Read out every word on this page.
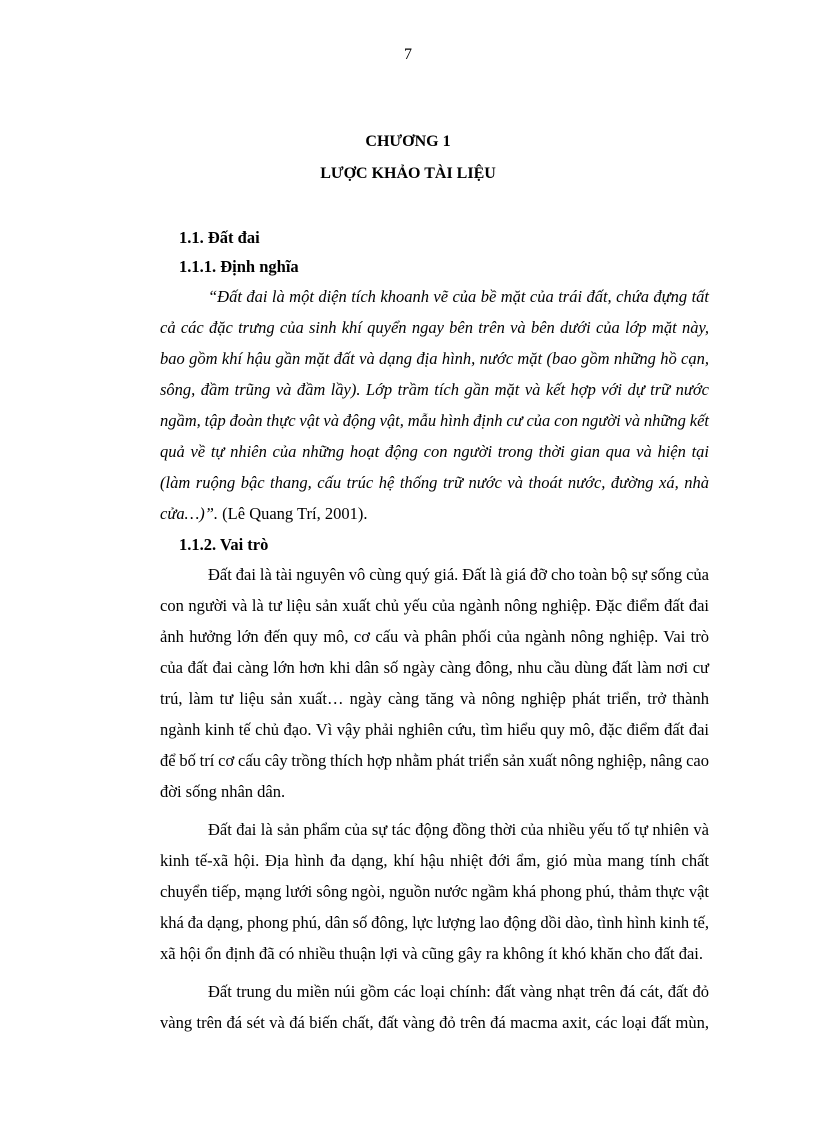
7
CHƯƠNG 1
LƯỢC KHẢO TÀI LIỆU
1.1. Đất đai
1.1.1. Định nghĩa
“Đất đai là một diện tích khoanh vẽ của bề mặt của trái đất, chứa đựng tất
cả các đặc trưng của sinh khí quyển ngay bên trên và bên dưới của lớp mặt này,
bao gồm khí hậu gần mặt đất và dạng địa hình, nước mặt (bao gồm những hồ cạn,
sông, đầm trũng và đầm lầy). Lớp trầm tích gần mặt và kết hợp với dự trữ nước
ngầm, tập đoàn thực vật và động vật, mẫu hình định cư của con người và những kết
quả về tự nhiên của những hoạt động con người trong thời gian qua và hiện tại
(làm ruộng bậc thang, cấu trúc hệ thống trữ nước và thoát nước, đường xá, nhà
cửa…)”. (Lê Quang Trí, 2001).
1.1.2. Vai trò
Đất đai là tài nguyên vô cùng quý giá. Đất là giá đỡ cho toàn bộ sự sống của
con người và là tư liệu sản xuất chủ yếu của ngành nông nghiệp. Đặc điểm đất đai
ảnh hưởng lớn đến quy mô, cơ cấu và phân phối của ngành nông nghiệp. Vai trò
của đất đai càng lớn hơn khi dân số ngày càng đông, nhu cầu dùng đất làm nơi cư
trú, làm tư liệu sản xuất… ngày càng tăng và nông nghiệp phát triển, trở thành
ngành kinh tế chủ đạo. Vì vậy phải nghiên cứu, tìm hiểu quy mô, đặc điểm đất đai
để bố trí cơ cấu cây trồng thích hợp nhằm phát triển sản xuất nông nghiệp, nâng cao
đời sống nhân dân.
Đất đai là sản phẩm của sự tác động đồng thời của nhiều yếu tố tự nhiên và
kinh tế-xã hội. Địa hình đa dạng, khí hậu nhiệt đới ẩm, gió mùa mang tính chất
chuyển tiếp, mạng lưới sông ngòi, nguồn nước ngầm khá phong phú, thảm thực vật
khá đa dạng, phong phú, dân số đông, lực lượng lao động dồi dào, tình hình kinh tế,
xã hội ổn định đã có nhiều thuận lợi và cũng gây ra không ít khó khăn cho đất đai.
Đất trung du miền núi gồm các loại chính: đất vàng nhạt trên đá cát, đất đỏ
vàng trên đá sét và đá biến chất, đất vàng đỏ trên đá macma axit, các loại đất mùn,
